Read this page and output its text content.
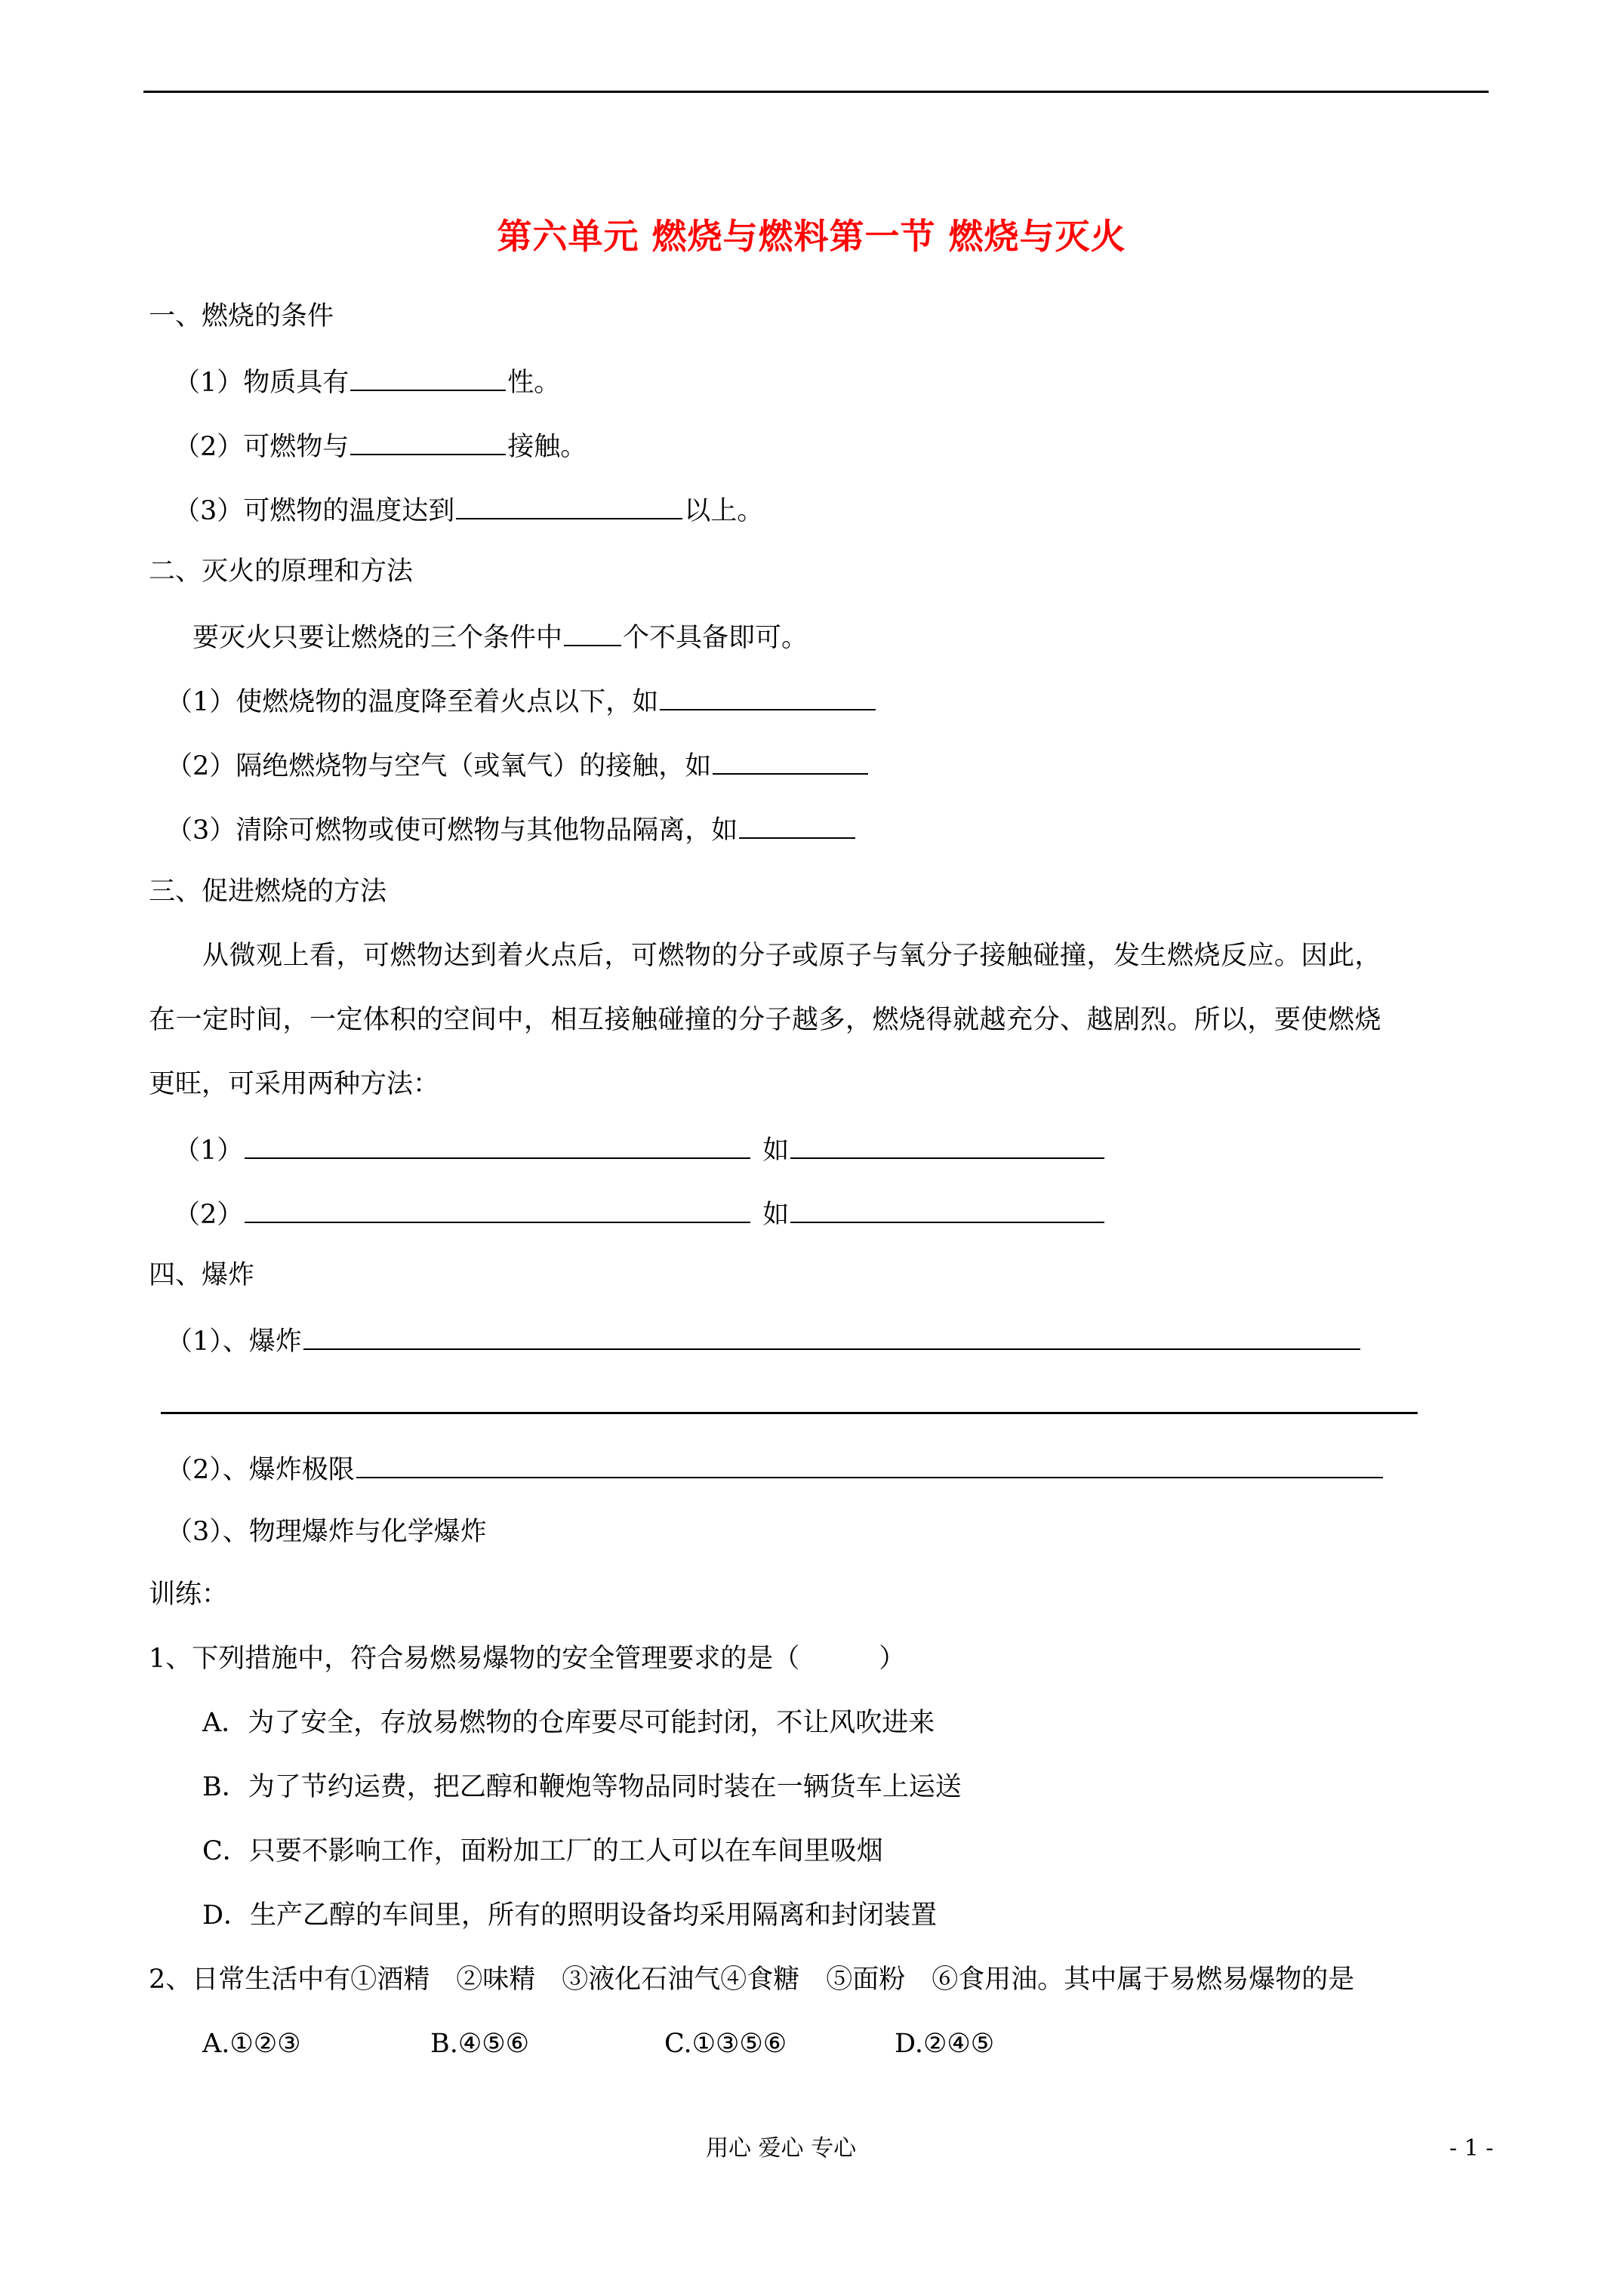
第六单元 燃烧与燃料第一节 燃烧与灭火
一、燃烧的条件
（1）物质具有	性。
（2）可燃物与	接触。
（3）可燃物的温度达到	以上。
二、灭火的原理和方法
要灭火只要让燃烧的三个条件中 个不具备即可。
（1）使燃烧物的温度降至着火点以下，如
（2）隔绝燃烧物与空气（或氧气）的接触，如
（3）清除可燃物或使可燃物与其他物品隔离，如
三、促进燃烧的方法
从微观上看，可燃物达到着火点后，可燃物的分子或原子与氧分子接触碰撞，发生燃烧反应。因此，
在一定时间，一定体积的空间中，相互接触碰撞的分子越多，燃烧得就越充分、越剧烈。所以，要使燃烧
更旺，可采用两种方法：
（1）	如
（2）	如
四、爆炸
（1）、爆炸
（2）、爆炸极限
（3）、物理爆炸与化学爆炸
训练：
1、下列措施中，符合易燃易爆物的安全管理要求的是（　　　）
A．为了安全，存放易燃物的仓库要尽可能封闭，不让风吹进来
B．为了节约运费，把乙醇和鞭炮等物品同时装在一辆货车上运送
C．只要不影响工作，面粉加工厂的工人可以在车间里吸烟
D．生产乙醇的车间里，所有的照明设备均采用隔离和封闭装置
2、日常生活中有①酒精　②味精　③液化石油气④食糖　⑤面粉　⑥食用油。其中属于易燃易爆物的是
A.①②③	B.④⑤⑥	C.①③⑤⑥	D.②④⑤
用心 爱心 专心	- 1 -
